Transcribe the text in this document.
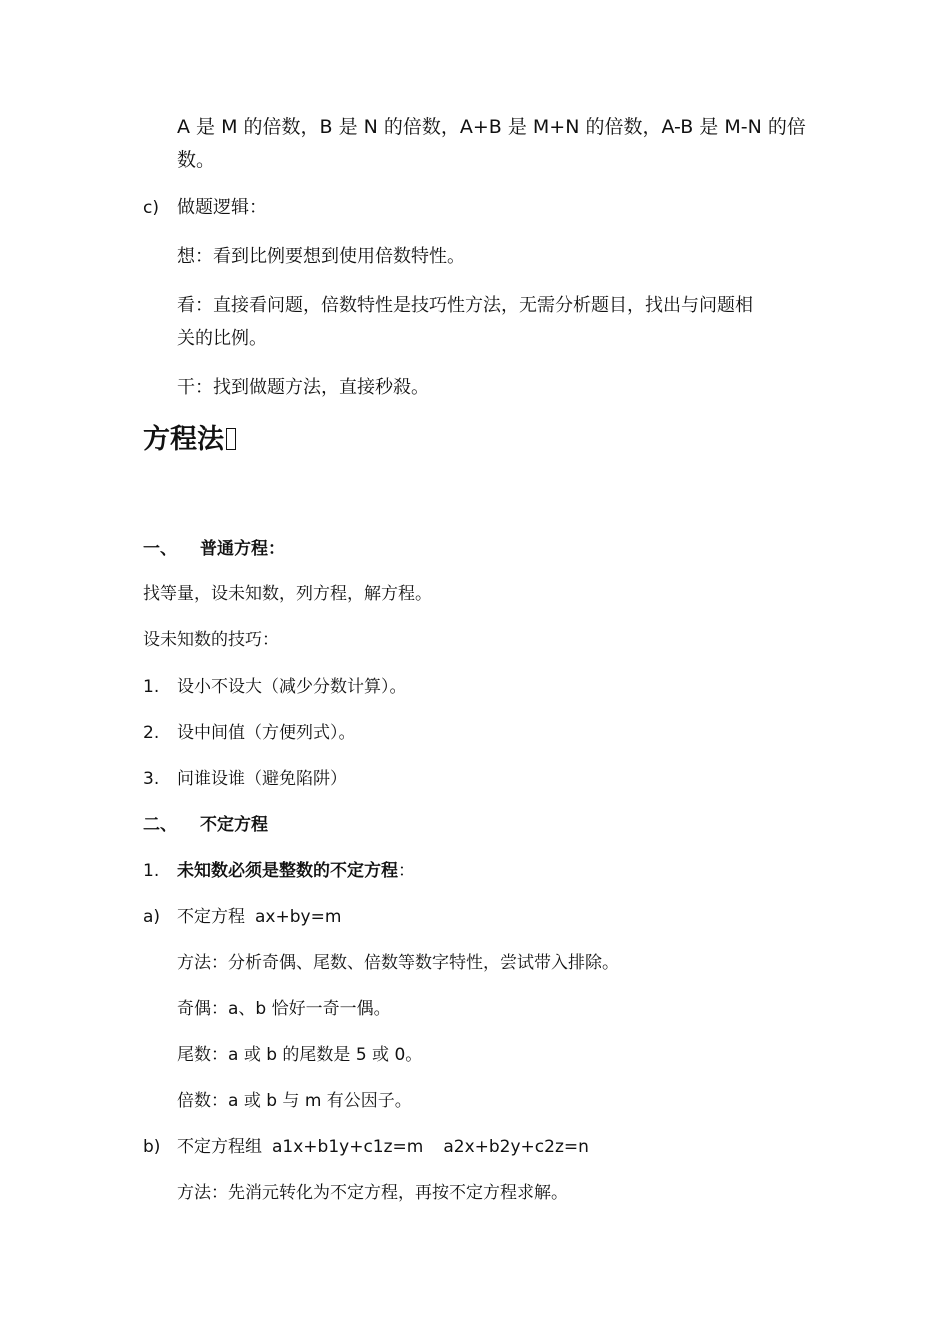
A 是 M 的倍数，B 是 N 的倍数，A+B 是 M+N 的倍数，A-B 是 M-N 的倍
数。
c) 做题逻辑：
想：看到比例要想到使用倍数特性。
看：直接看问题，倍数特性是技巧性方法，无需分析题目，找出与问题相
关的比例。
干：找到做题方法，直接秒殺。
方程法
一、 普通方程：
找等量，设未知数，列方程，解方程。
设未知数的技巧：
1. 设小不设大（减少分数计算）。
2. 设中间值（方便列式）。
3. 问谁设谁（避免陷阱）
二、 不定方程
1. 未知数必须是整数的不定方程：
a) 不定方程 ax+by=m
方法：分析奇偶、尾数、倍数等数字特性，尝试带入排除。
奇偶：a、b 恰好一奇一偶。
尾数：a 或 b 的尾数是 5 或 0。
倍数：a 或 b 与 m 有公因子。
b) 不定方程组 a1x+b1y+c1z=m a2x+b2y+c2z=n
方法：先消元转化为不定方程，再按不定方程求解。
